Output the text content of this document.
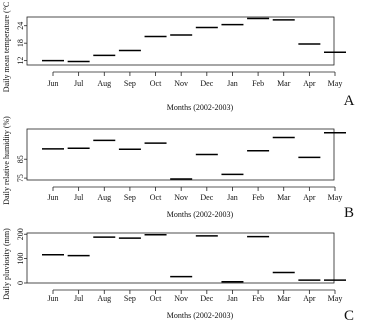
12
18
24
Jun Jul Aug Sep Oct Nov Dec Jan Feb Mar Apr May
Months (2002-2003)
Daily mean temperature (°C
A
75
85
Jun Jul Aug Sep Oct Nov Dec Jan Feb Mar Apr May
Months (2002-2003)
Daily relative humidity (%)
B
0
100
200
Jun Jul Aug Sep Oct Nov Dec Jan Feb Mar Apr May
Months (2002-2003)
Daily pluviosity (mm)
C
